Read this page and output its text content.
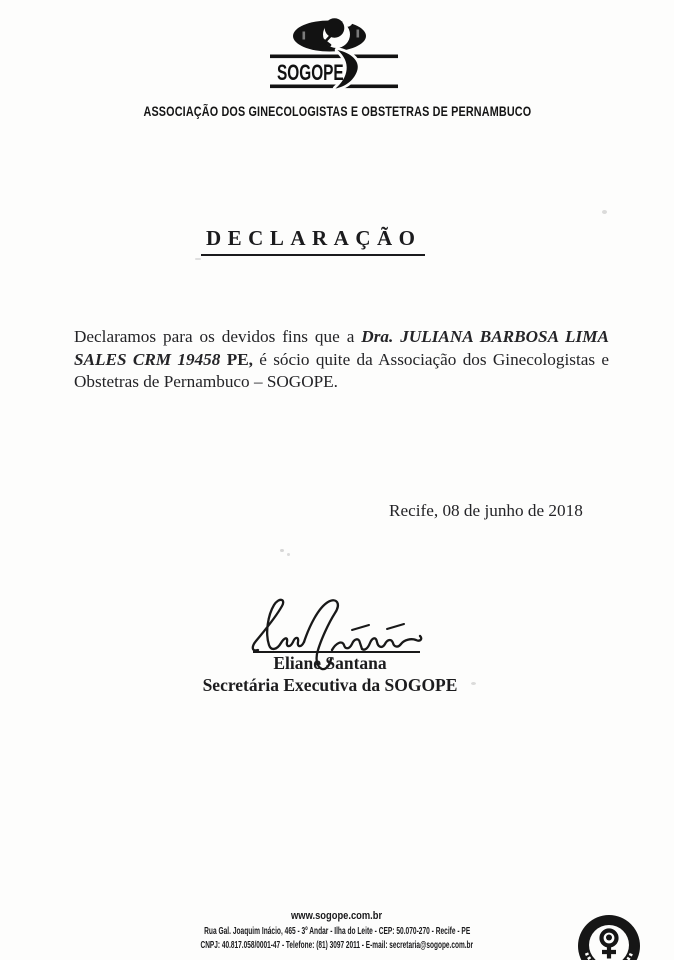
SOGOPE
ASSOCIAÇÃO DOS GINECOLOGISTAS E OBSTETRAS DE PERNAMBUCO
DECLARAÇÃO

Declaramos para os devidos fins que a Dra. JULIANA BARBOSA LIMA

SALES CRM 19458 PE, é sócio quite da Associação dos Ginecologistas e

Obstetras de Pernambuco – SOGOPE.

Recife, 08 de junho de 2018
Eliane Santana
Secretária Executiva da SOGOPE
www.sogope.com.br
Rua Gal. Joaquim Inácio, 465 - 3º Andar - Ilha do Leite - CEP: 50.070-270 - Recife - PE
CNPJ: 40.817.058/0001-47 - Telefone: (81) 3097 2011 - E-mail: secretaria@sogope.com.br
